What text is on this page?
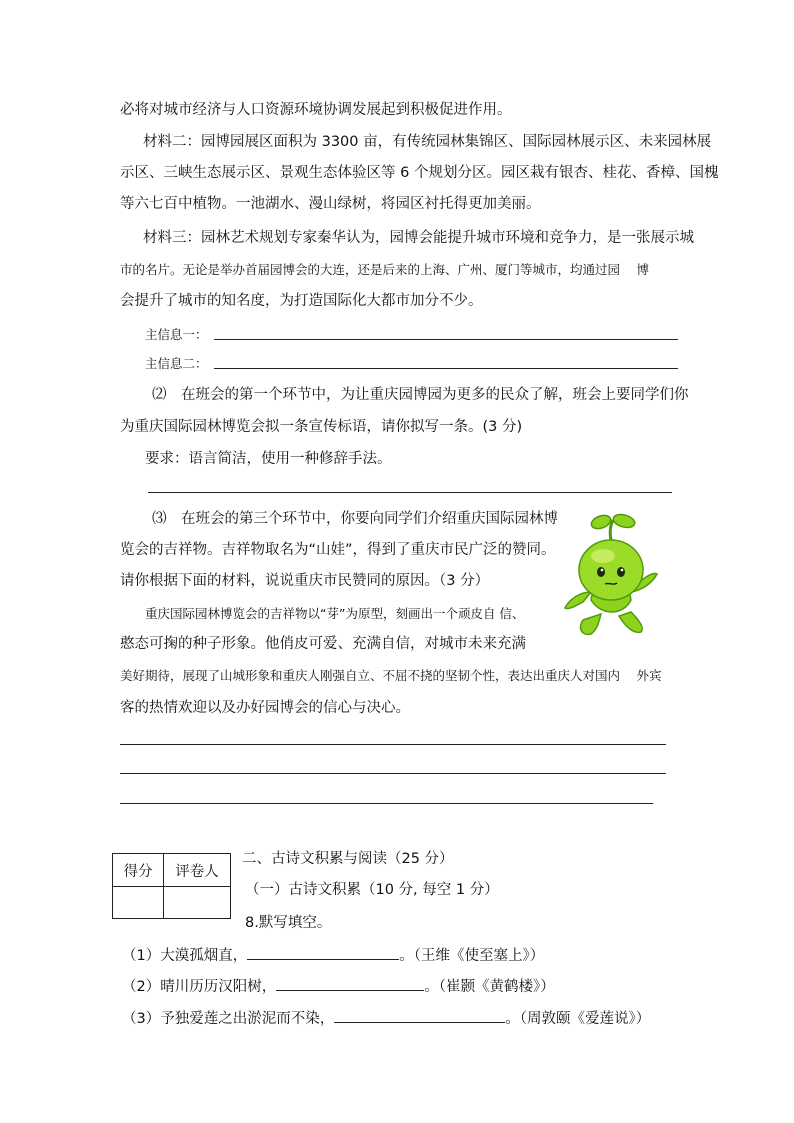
必将对城市经济与人口资源环境协调发展起到积极促进作用。
材料二：园博园展区面积为 3300 亩，有传统园林集锦区、国际园林展示区、未来园林展
示区、三峡生态展示区、景观生态体验区等 6 个规划分区。园区栽有银杏、桂花、香樟、国槐
等六七百中植物。一池湖水、漫山绿树，将园区衬托得更加美丽。
材料三：园林艺术规划专家秦华认为，园博会能提升城市环境和竞争力，是一张展示城
市的名片。无论是举办首届园博会的大连，还是后来的上海、广州、厦门等城市，均通过园　 博
会提升了城市的知名度，为打造国际化大都市加分不少。
主信息一：
主信息二：
⑵　在班会的第一个环节中，为让重庆园博园为更多的民众了解，班会上要同学们你
为重庆国际园林博览会拟一条宣传标语，请你拟写一条。(3 分)
要求：语言简洁，使用一种修辞手法。
⑶　在班会的第三个环节中，你要向同学们介绍重庆国际园林博
览会的吉祥物。吉祥物取名为“山娃”，得到了重庆市民广泛的赞同。
请你根据下面的材料，说说重庆市民赞同的原因。（3 分）
重庆国际园林博览会的吉祥物以“芽”为原型，刻画出一个顽皮自 信、
憨态可掬的种子形象。他俏皮可爱、充满自信，对城市未来充满
美好期待，展现了山城形象和重庆人刚强自立、不屈不挠的坚韧个性，表达出重庆人对国内　 外宾
客的热情欢迎以及办好园博会的信心与决心。
得分	评卷人

二、古诗文积累与阅读（25 分）
（一）古诗文积累（10 分, 每空 1 分）
8.默写填空。
（1）大漠孤烟直，	。（王维《使至塞上》）
（2）晴川历历汉阳树，	。（崔颢《黄鹤楼》）
（3）予独爱莲之出淤泥而不染，	。（周敦颐《爱莲说》）
